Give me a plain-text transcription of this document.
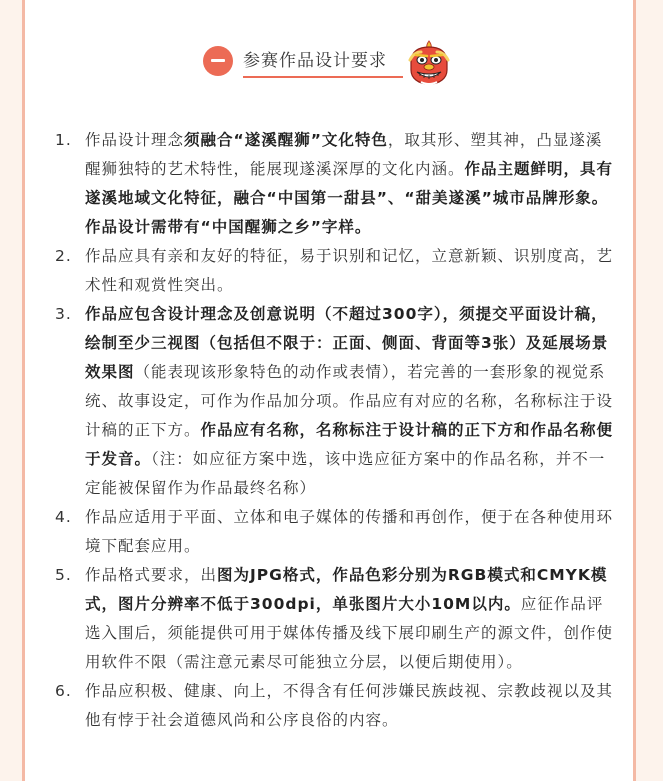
参赛作品设计要求
1. 作品设计理念须融合“遂溪醒狮”文化特色，取其形、塑其神，凸显遂溪醒狮独特的艺术特性，能展现遂溪深厚的文化内涵。作品主题鲜明，具有遂溪地域文化特征，融合“中国第一甜县”、“甜美遂溪”城市品牌形象。作品设计需带有“中国醒狮之乡”字样。
2. 作品应具有亲和友好的特征，易于识别和记忆，立意新颖、识别度高，艺术性和观赏性突出。
3. 作品应包含设计理念及创意说明（不超过300字），须提交平面设计稿，绘制至少三视图（包括但不限于：正面、侧面、背面等3张）及延展场景效果图（能表现该形象特色的动作或表情），若完善的一套形象的视觉系统、故事设定，可作为作品加分项。作品应有对应的名称，名称标注于设计稿的正下方。作品应有名称，名称标注于设计稿的正下方和作品名称便于发音。（注：如应征方案中选，该中选应征方案中的作品名称，并不一定能被保留作为作品最终名称）
4. 作品应适用于平面、立体和电子媒体的传播和再创作，便于在各种使用环境下配套应用。
5. 作品格式要求，出图为JPG格式，作品色彩分别为RGB模式和CMYK模式，图片分辨率不低于300dpi，单张图片大小10M以内。应征作品评选入围后，须能提供可用于媒体传播及线下展印刷生产的源文件，创作使用软件不限（需注意元素尽可能独立分层，以便后期使用）。
6. 作品应积极、健康、向上，不得含有任何涉嫌民族歧视、宗教歧视以及其他有悖于社会道德风尚和公序良俗的内容。
